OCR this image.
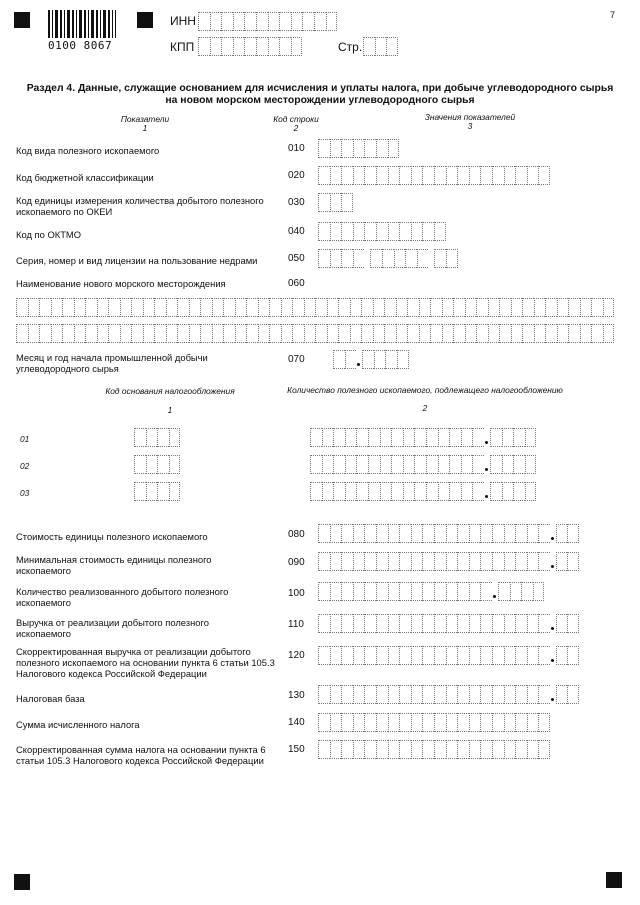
0100 8067
7
ИНН
КПП	Стр.
Раздел 4. Данные, служащие основанием для исчисления и уплаты налога, при добыче углеводородного сырья
на новом морском месторождении углеводородного сырья
Показатели
1
Код строки
2
Значения показателей
3
Код вида полезного ископаемого	010
Код бюджетной классификации	020
Код единицы измерения количества добытого полезного ископаемого по ОКЕИ
030
Код по ОКТМО	040
Серия, номер и вид лицензии на пользование недрами	050
Наименование нового морского месторождения	060
Месяц и год начала промышленной добычи углеводородного сырья
070
Код основания налогообложения
1
Количество полезного ископаемого, подлежащего налогообложению
2
01
02
03
Стоимость единицы полезного ископаемого	080
Минимальная стоимость единицы полезного ископаемого
090
Количество реализованного добытого полезного ископаемого
100
Выручка от реализации добытого полезного ископаемого
110
Скорректированная выручка от реализации добытого полезного ископаемого на основании пункта 6 статьи 105.3 Налогового кодекса Российской Федерации
120
Налоговая база	130
Сумма исчисленного налога	140
Скорректированная сумма налога на основании пункта 6 статьи 105.3 Налогового кодекса Российской Федерации
150
